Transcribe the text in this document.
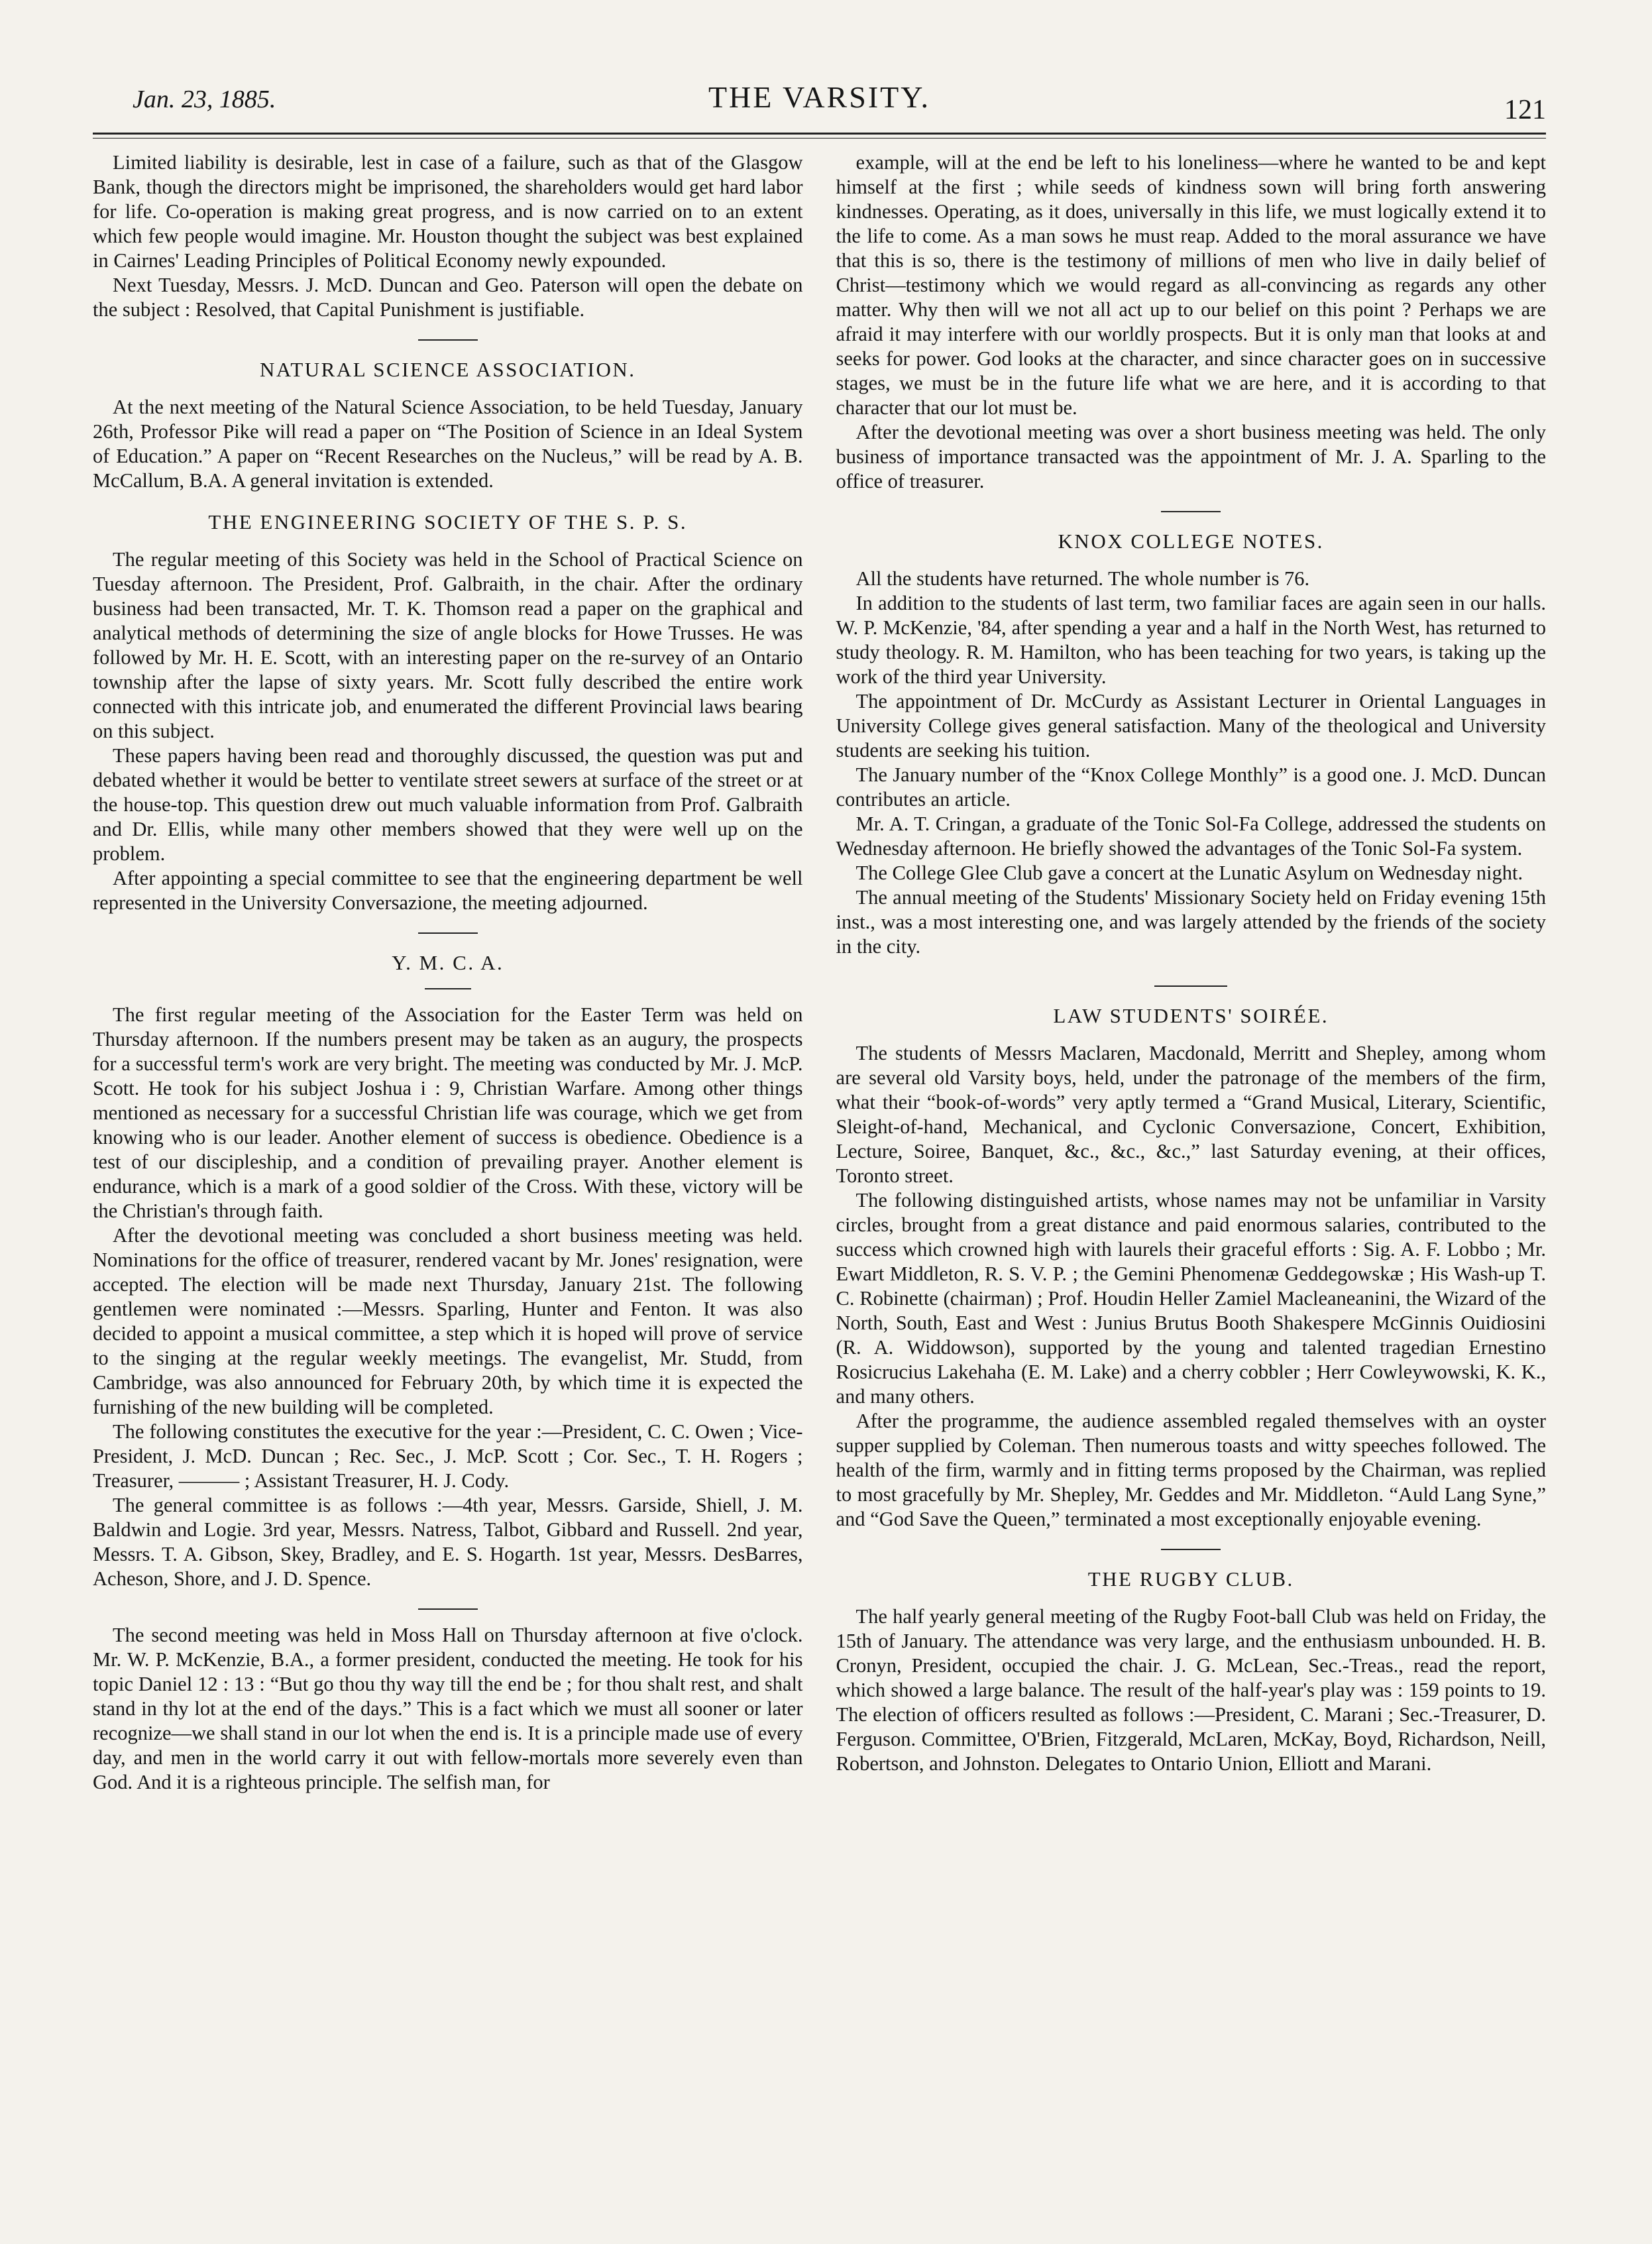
Jan. 23, 1885.	THE VARSITY.	121

Limited liability is desirable, lest in case of a failure, such as that of the Glasgow Bank, though the directors might be imprisoned, the shareholders would get hard labor for life. Co-operation is making great progress, and is now carried on to an extent which few people would imagine. Mr. Houston thought the subject was best explained in Cairnes' Leading Principles of Political Economy newly expounded.

Next Tuesday, Messrs. J. McD. Duncan and Geo. Paterson will open the debate on the subject : Resolved, that Capital Punishment is justifiable.

NATURAL SCIENCE ASSOCIATION.

At the next meeting of the Natural Science Association, to be held Tuesday, January 26th, Professor Pike will read a paper on “The Position of Science in an Ideal System of Education.” A paper on “Recent Researches on the Nucleus,” will be read by A. B. McCallum, B.A. A general invitation is extended.

THE ENGINEERING SOCIETY OF THE S. P. S.

The regular meeting of this Society was held in the School of Practical Science on Tuesday afternoon. The President, Prof. Galbraith, in the chair. After the ordinary business had been transacted, Mr. T. K. Thomson read a paper on the graphical and analytical methods of determining the size of angle blocks for Howe Trusses. He was followed by Mr. H. E. Scott, with an interesting paper on the re-survey of an Ontario township after the lapse of sixty years. Mr. Scott fully described the entire work connected with this intricate job, and enumerated the different Provincial laws bearing on this subject.

These papers having been read and thoroughly discussed, the question was put and debated whether it would be better to ventilate street sewers at surface of the street or at the house-top. This question drew out much valuable information from Prof. Galbraith and Dr. Ellis, while many other members showed that they were well up on the problem.

After appointing a special committee to see that the engineering department be well represented in the University Conversazione, the meeting adjourned.

Y. M. C. A.

The first regular meeting of the Association for the Easter Term was held on Thursday afternoon. If the numbers present may be taken as an augury, the prospects for a successful term's work are very bright. The meeting was conducted by Mr. J. McP. Scott. He took for his subject Joshua i : 9, Christian Warfare. Among other things mentioned as necessary for a successful Christian life was courage, which we get from knowing who is our leader. Another element of success is obedience. Obedience is a test of our discipleship, and a condition of prevailing prayer. Another element is endurance, which is a mark of a good soldier of the Cross. With these, victory will be the Christian's through faith.

After the devotional meeting was concluded a short business meeting was held. Nominations for the office of treasurer, rendered vacant by Mr. Jones' resignation, were accepted. The election will be made next Thursday, January 21st. The following gentlemen were nominated :—Messrs. Sparling, Hunter and Fenton. It was also decided to appoint a musical committee, a step which it is hoped will prove of service to the singing at the regular weekly meetings. The evangelist, Mr. Studd, from Cambridge, was also announced for February 20th, by which time it is expected the furnishing of the new building will be completed.

The following constitutes the executive for the year :—President, C. C. Owen ; Vice-President, J. McD. Duncan ; Rec. Sec., J. McP. Scott ; Cor. Sec., T. H. Rogers ; Treasurer, ——— ; Assistant Treasurer, H. J. Cody.

The general committee is as follows :—4th year, Messrs. Garside, Shiell, J. M. Baldwin and Logie. 3rd year, Messrs. Natress, Talbot, Gibbard and Russell. 2nd year, Messrs. T. A. Gibson, Skey, Bradley, and E. S. Hogarth. 1st year, Messrs. DesBarres, Acheson, Shore, and J. D. Spence.

The second meeting was held in Moss Hall on Thursday afternoon at five o'clock. Mr. W. P. McKenzie, B.A., a former president, conducted the meeting. He took for his topic Daniel 12 : 13 : “But go thou thy way till the end be ; for thou shalt rest, and shalt stand in thy lot at the end of the days.” This is a fact which we must all sooner or later recognize—we shall stand in our lot when the end is. It is a principle made use of every day, and men in the world carry it out with fellow-mortals more severely even than God. And it is a righteous principle. The selfish man, for

example, will at the end be left to his loneliness—where he wanted to be and kept himself at the first ; while seeds of kindness sown will bring forth answering kindnesses. Operating, as it does, universally in this life, we must logically extend it to the life to come. As a man sows he must reap. Added to the moral assurance we have that this is so, there is the testimony of millions of men who live in daily belief of Christ—testimony which we would regard as all-convincing as regards any other matter. Why then will we not all act up to our belief on this point ? Perhaps we are afraid it may interfere with our worldly prospects. But it is only man that looks at and seeks for power. God looks at the character, and since character goes on in successive stages, we must be in the future life what we are here, and it is according to that character that our lot must be.

After the devotional meeting was over a short business meeting was held. The only business of importance transacted was the appointment of Mr. J. A. Sparling to the office of treasurer.

KNOX COLLEGE NOTES.

All the students have returned. The whole number is 76.

In addition to the students of last term, two familiar faces are again seen in our halls. W. P. McKenzie, '84, after spending a year and a half in the North West, has returned to study theology. R. M. Hamilton, who has been teaching for two years, is taking up the work of the third year University.

The appointment of Dr. McCurdy as Assistant Lecturer in Oriental Languages in University College gives general satisfaction. Many of the theological and University students are seeking his tuition.

The January number of the “Knox College Monthly” is a good one. J. McD. Duncan contributes an article.

Mr. A. T. Cringan, a graduate of the Tonic Sol-Fa College, addressed the students on Wednesday afternoon. He briefly showed the advantages of the Tonic Sol-Fa system.

The College Glee Club gave a concert at the Lunatic Asylum on Wednesday night.

The annual meeting of the Students' Missionary Society held on Friday evening 15th inst., was a most interesting one, and was largely attended by the friends of the society in the city.

LAW STUDENTS' SOIRÉE.

The students of Messrs Maclaren, Macdonald, Merritt and Shepley, among whom are several old Varsity boys, held, under the patronage of the members of the firm, what their “book-of-words” very aptly termed a “Grand Musical, Literary, Scientific, Sleight-of-hand, Mechanical, and Cyclonic Conversazione, Concert, Exhibition, Lecture, Soiree, Banquet, &c., &c., &c.,” last Saturday evening, at their offices, Toronto street.

The following distinguished artists, whose names may not be unfamiliar in Varsity circles, brought from a great distance and paid enormous salaries, contributed to the success which crowned high with laurels their graceful efforts : Sig. A. F. Lobbo ; Mr. Ewart Middleton, R. S. V. P. ; the Gemini Phenomenæ Geddegowskæ ; His Wash-up T. C. Robinette (chairman) ; Prof. Houdin Heller Zamiel Macleaneanini, the Wizard of the North, South, East and West : Junius Brutus Booth Shakespere McGinnis Ouidiosini (R. A. Widdowson), supported by the young and talented tragedian Ernestino Rosicrucius Lakehaha (E. M. Lake) and a cherry cobbler ; Herr Cowleywowski, K. K., and many others.

After the programme, the audience assembled regaled themselves with an oyster supper supplied by Coleman. Then numerous toasts and witty speeches followed. The health of the firm, warmly and in fitting terms proposed by the Chairman, was replied to most gracefully by Mr. Shepley, Mr. Geddes and Mr. Middleton. “Auld Lang Syne,” and “God Save the Queen,” terminated a most exceptionally enjoyable evening.

THE RUGBY CLUB.

The half yearly general meeting of the Rugby Foot-ball Club was held on Friday, the 15th of January. The attendance was very large, and the enthusiasm unbounded. H. B. Cronyn, President, occupied the chair. J. G. McLean, Sec.-Treas., read the report, which showed a large balance. The result of the half-year's play was : 159 points to 19. The election of officers resulted as follows :—President, C. Marani ; Sec.-Treasurer, D. Ferguson. Committee, O'Brien, Fitzgerald, McLaren, McKay, Boyd, Richardson, Neill, Robertson, and Johnston. Delegates to Ontario Union, Elliott and Marani.
